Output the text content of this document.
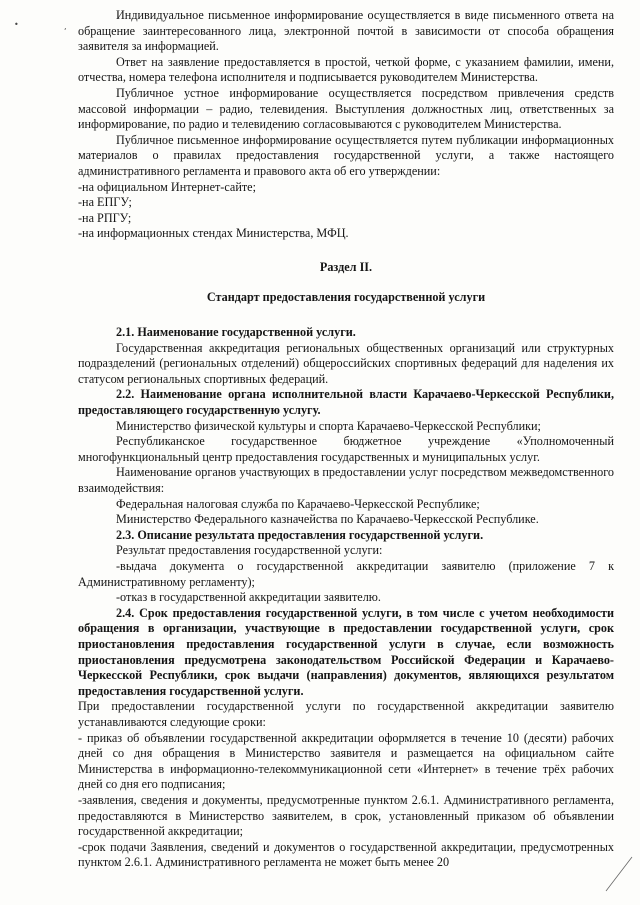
•	,

Индивидуальное письменное информирование осуществляется в виде письменного ответа на обращение заинтересованного лица, электронной почтой в зависимости от способа обращения заявителя за информацией.

Ответ на заявление предоставляется в простой, четкой форме, с указанием фамилии, имени, отчества, номера телефона исполнителя и подписывается руководителем Министерства.

Публичное устное информирование осуществляется посредством привлечения средств массовой информации – радио, телевидения. Выступления должностных лиц, ответственных за информирование, по радио и телевидению согласовываются с руководителем Министерства.

Публичное письменное информирование осуществляется путем публикации информационных материалов о правилах предоставления государственной услуги, а также настоящего административного регламента и правового акта об его утверждении:

-на официальном Интернет-сайте;

-на ЕПГУ;

-на РПГУ;

-на информационных стендах Министерства, МФЦ.

Раздел II.

Стандарт предоставления государственной услуги

2.1. Наименование государственной услуги.

Государственная аккредитация региональных общественных организаций или структурных подразделений (региональных отделений) общероссийских спортивных федераций для наделения их статусом региональных спортивных федераций.

2.2. Наименование органа исполнительной власти Карачаево-Черкесской Республики, предоставляющего государственную услугу.

Министерство физической культуры и спорта Карачаево-Черкесской Республики;

Республиканское государственное бюджетное учреждение «Уполномоченный многофункциональный центр предоставления государственных и муниципальных услуг.

Наименование органов участвующих в предоставлении услуг посредством межведомственного взаимодействия:

Федеральная налоговая служба по Карачаево-Черкесской Республике;

Министерство Федерального казначейства по Карачаево-Черкесской Республике.

2.3. Описание результата предоставления государственной услуги.

Результат предоставления государственной услуги:

-выдача документа о государственной аккредитации заявителю (приложение 7 к Административному регламенту);

-отказ в государственной аккредитации заявителю.

2.4. Срок предоставления государственной услуги, в том числе с учетом необходимости обращения в организации, участвующие в предоставлении государственной услуги, срок приостановления предоставления государственной услуги в случае, если возможность приостановления предусмотрена законодательством Российской Федерации и Карачаево-Черкесской Республики, срок выдачи (направления) документов, являющихся результатом предоставления государственной услуги.

При предоставлении государственной услуги по государственной аккредитации заявителю устанавливаются следующие сроки:

- приказ об объявлении государственной аккредитации оформляется в течение 10 (десяти) рабочих дней со дня обращения в Министерство заявителя и размещается на официальном сайте Министерства в информационно-телекоммуникационной сети «Интернет» в течение трёх рабочих дней со дня его подписания;

-заявления, сведения и документы, предусмотренные пунктом 2.6.1. Административного регламента, предоставляются в Министерство заявителем, в срок, установленный приказом об объявлении государственной аккредитации;

-срок подачи Заявления, сведений и документов о государственной аккредитации, предусмотренных пунктом 2.6.1. Административного регламента не может быть менее 20
